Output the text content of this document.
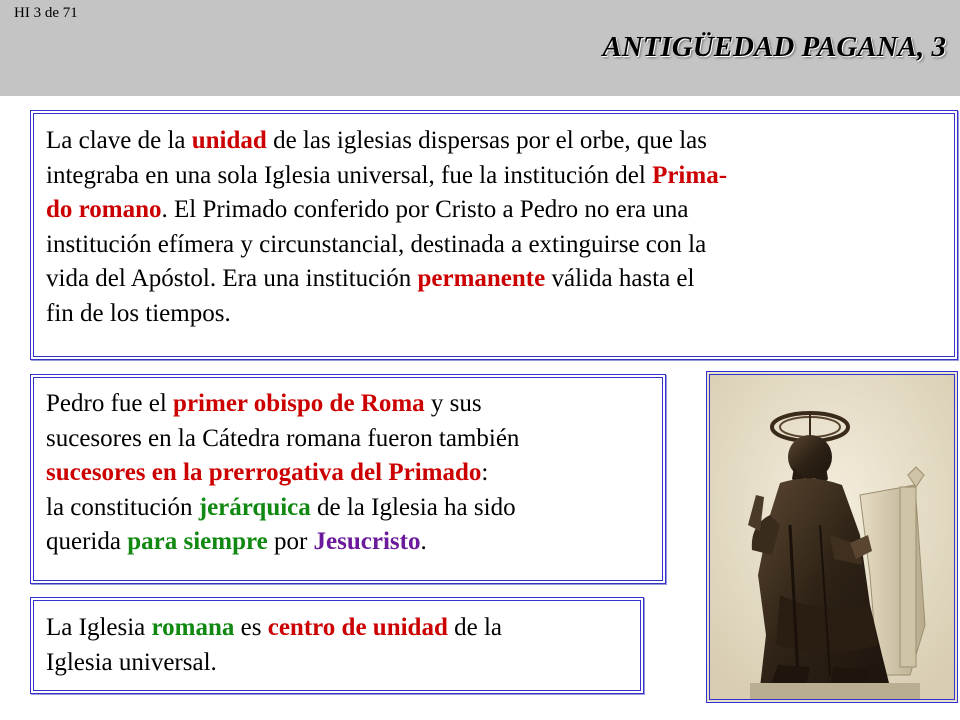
HI 3 de 71
ANTIGÜEDAD PAGANA, 3

La clave de la unidad de las iglesias dispersas por el orbe, que las

integraba en una sola Iglesia universal, fue la institución del Prima-

do romano. El Primado conferido por Cristo a Pedro no era una

institución efímera y circunstancial, destinada a extinguirse con la

vida del Apóstol. Era una institución permanente válida hasta el

fin de los tiempos.

Pedro fue el primer obispo de Roma y sus

sucesores en la Cátedra romana fueron también

sucesores en la prerrogativa del Primado:

la constitución jerárquica de la Iglesia ha sido

querida para siempre por Jesucristo.

La Iglesia romana es centro de unidad de la

Iglesia universal.
